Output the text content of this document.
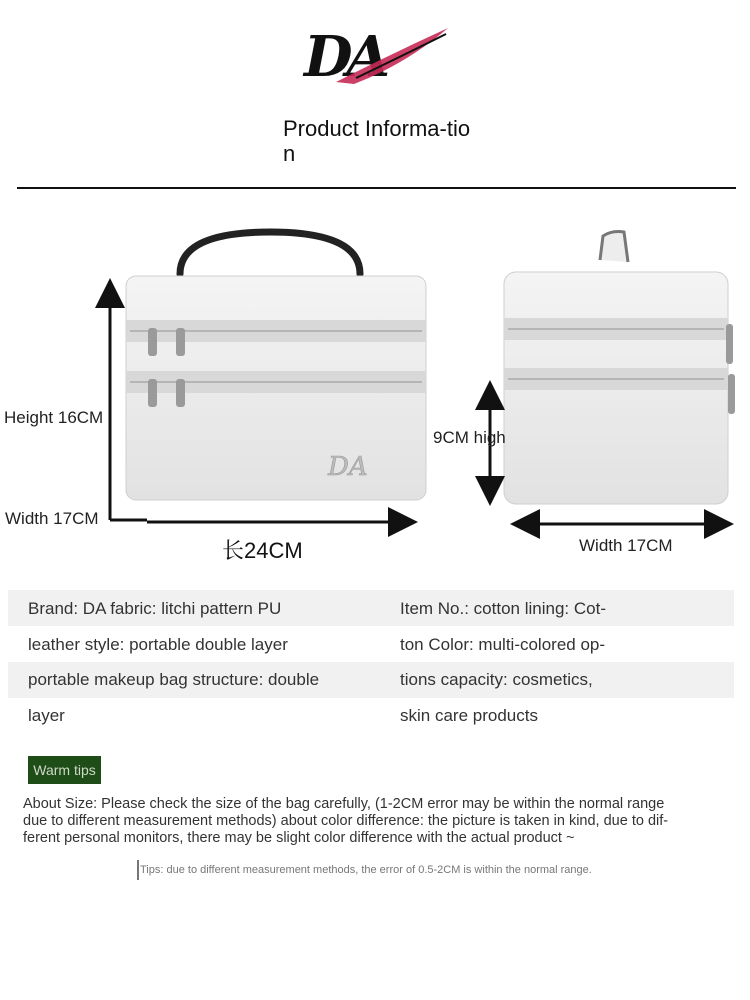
DA
Product Informa-tion
DA
Height 16CM
Width 17CM
长24CM
9CM high
Width 17CM
Brand: DA fabric: litchi pattern PU
leather style: portable double layer
portable makeup bag structure: double
layer
Item No.: cotton lining: Cot-
ton Color: multi-colored op-
tions capacity: cosmetics,
skin care products
Warm tips
About Size: Please check the size of the bag carefully, (1-2CM error may be within the normal range
due to different measurement methods) about color difference: the picture is taken in kind, due to dif-
ferent personal monitors, there may be slight color difference with the actual product ~
Tips: due to different measurement methods, the error of 0.5-2CM is within the normal range.
